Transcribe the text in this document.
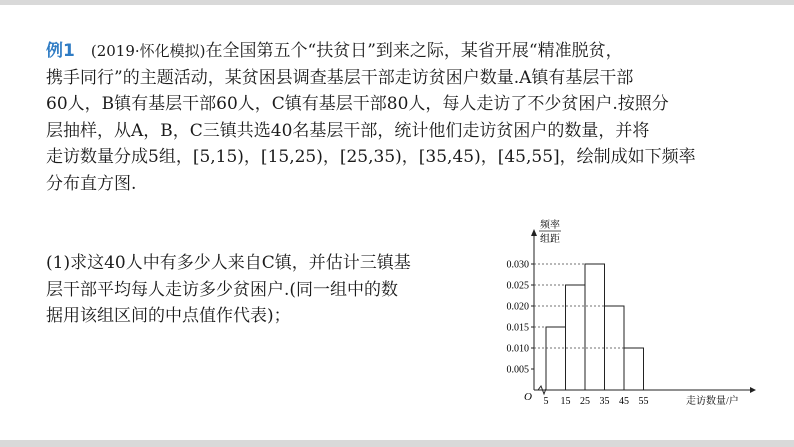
例1 (2019·怀化模拟)在全国第五个“扶贫日”到来之际，某省开展“精准脱贫，
携手同行”的主题活动，某贫困县调查基层干部走访贫困户数量.A镇有基层干部
60人，B镇有基层干部60人，C镇有基层干部80人，每人走访了不少贫困户.按照分
层抽样，从A，B，C三镇共选40名基层干部，统计他们走访贫困户的数量，并将
走访数量分成5组，[5,15)，[15,25)，[25,35)，[35,45)，[45,55]，绘制成如下频率
分布直方图.
(1)求这40人中有多少人来自C镇，并估计三镇基
层干部平均每人走访多少贫困户.(同一组中的数
据用该组区间的中点值作代表)；
频率
组距
0.005
0.010
0.015
0.020
0.025
0.030
5 15 25 35 45 55
O	走访数量/户
